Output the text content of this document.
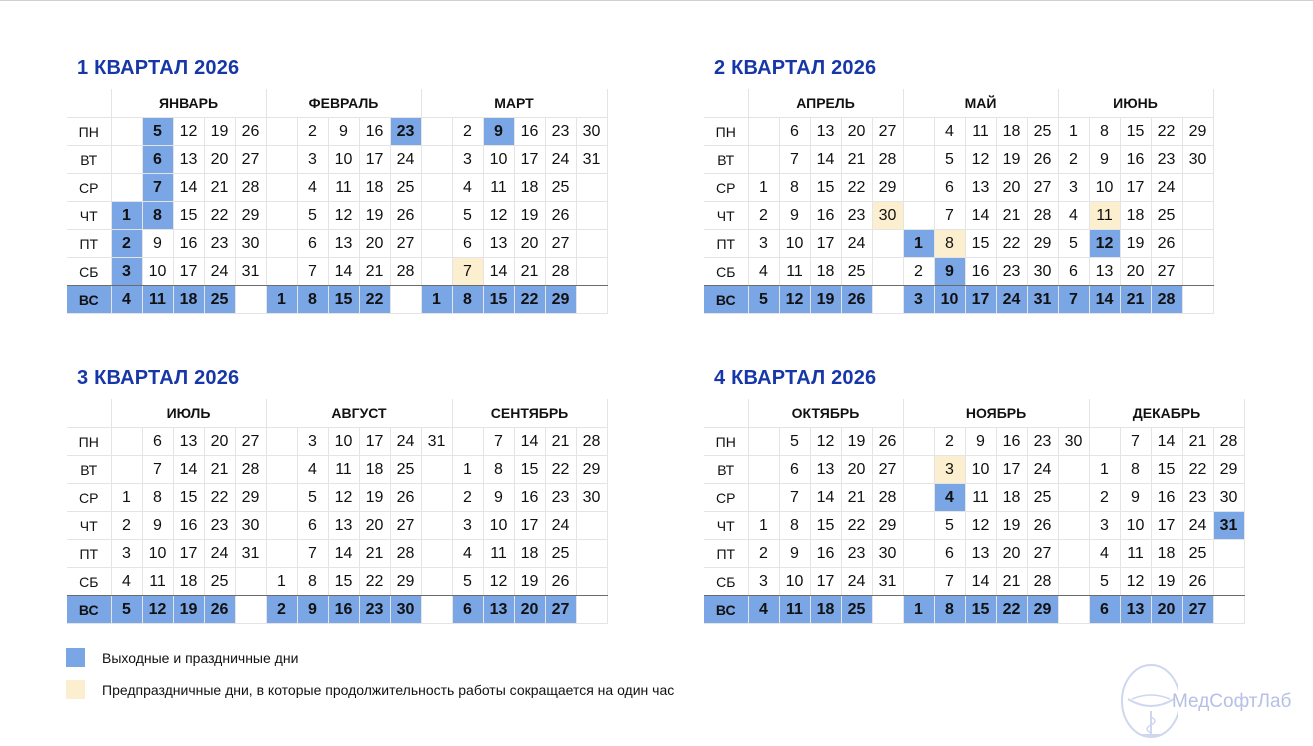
1 КВАРТАЛ 2026
	ЯНВАРЬ					ФЕВРАЛЬ					МАРТ					
ПН		5	12	19	26		2	9	16	23		2	9	16	23	30
ВТ		6	13	20	27		3	10	17	24		3	10	17	24	31
СР		7	14	21	28		4	11	18	25		4	11	18	25	
ЧТ	1	8	15	22	29		5	12	19	26		5	12	19	26	
ПТ	2	9	16	23	30		6	13	20	27		6	13	20	27	
СБ	3	10	17	24	31		7	14	21	28		7	14	21	28	
ВС	4	11	18	25		1	8	15	22		1	8	15	22	29	
2 КВАРТАЛ 2026
	АПРЕЛЬ					МАЙ					ИЮНЬ				
ПН		6	13	20	27		4	11	18	25	1	8	15	22	29
ВТ		7	14	21	28		5	12	19	26	2	9	16	23	30
СР	1	8	15	22	29		6	13	20	27	3	10	17	24	
ЧТ	2	9	16	23	30		7	14	21	28	4	11	18	25	
ПТ	3	10	17	24		1	8	15	22	29	5	12	19	26	
СБ	4	11	18	25		2	9	16	23	30	6	13	20	27	
ВС	5	12	19	26		3	10	17	24	31	7	14	21	28	
3 КВАРТАЛ 2026
	ИЮЛЬ					АВГУСТ						СЕНТЯБРЬ				
ПН		6	13	20	27		3	10	17	24	31		7	14	21	28
ВТ		7	14	21	28		4	11	18	25		1	8	15	22	29
СР	1	8	15	22	29		5	12	19	26		2	9	16	23	30
ЧТ	2	9	16	23	30		6	13	20	27		3	10	17	24	
ПТ	3	10	17	24	31		7	14	21	28		4	11	18	25	
СБ	4	11	18	25		1	8	15	22	29		5	12	19	26	
ВС	5	12	19	26		2	9	16	23	30		6	13	20	27	
4 КВАРТАЛ 2026
	ОКТЯБРЬ					НОЯБРЬ						ДЕКАБРЬ				
ПН		5	12	19	26		2	9	16	23	30		7	14	21	28
ВТ		6	13	20	27		3	10	17	24		1	8	15	22	29
СР		7	14	21	28		4	11	18	25		2	9	16	23	30
ЧТ	1	8	15	22	29		5	12	19	26		3	10	17	24	31
ПТ	2	9	16	23	30		6	13	20	27		4	11	18	25	
СБ	3	10	17	24	31		7	14	21	28		5	12	19	26	
ВС	4	11	18	25		1	8	15	22	29		6	13	20	27	
Выходные и праздничные дни
Предпраздничные дни, в которые продолжительность работы сокращается на один час
МедСофтЛаб
